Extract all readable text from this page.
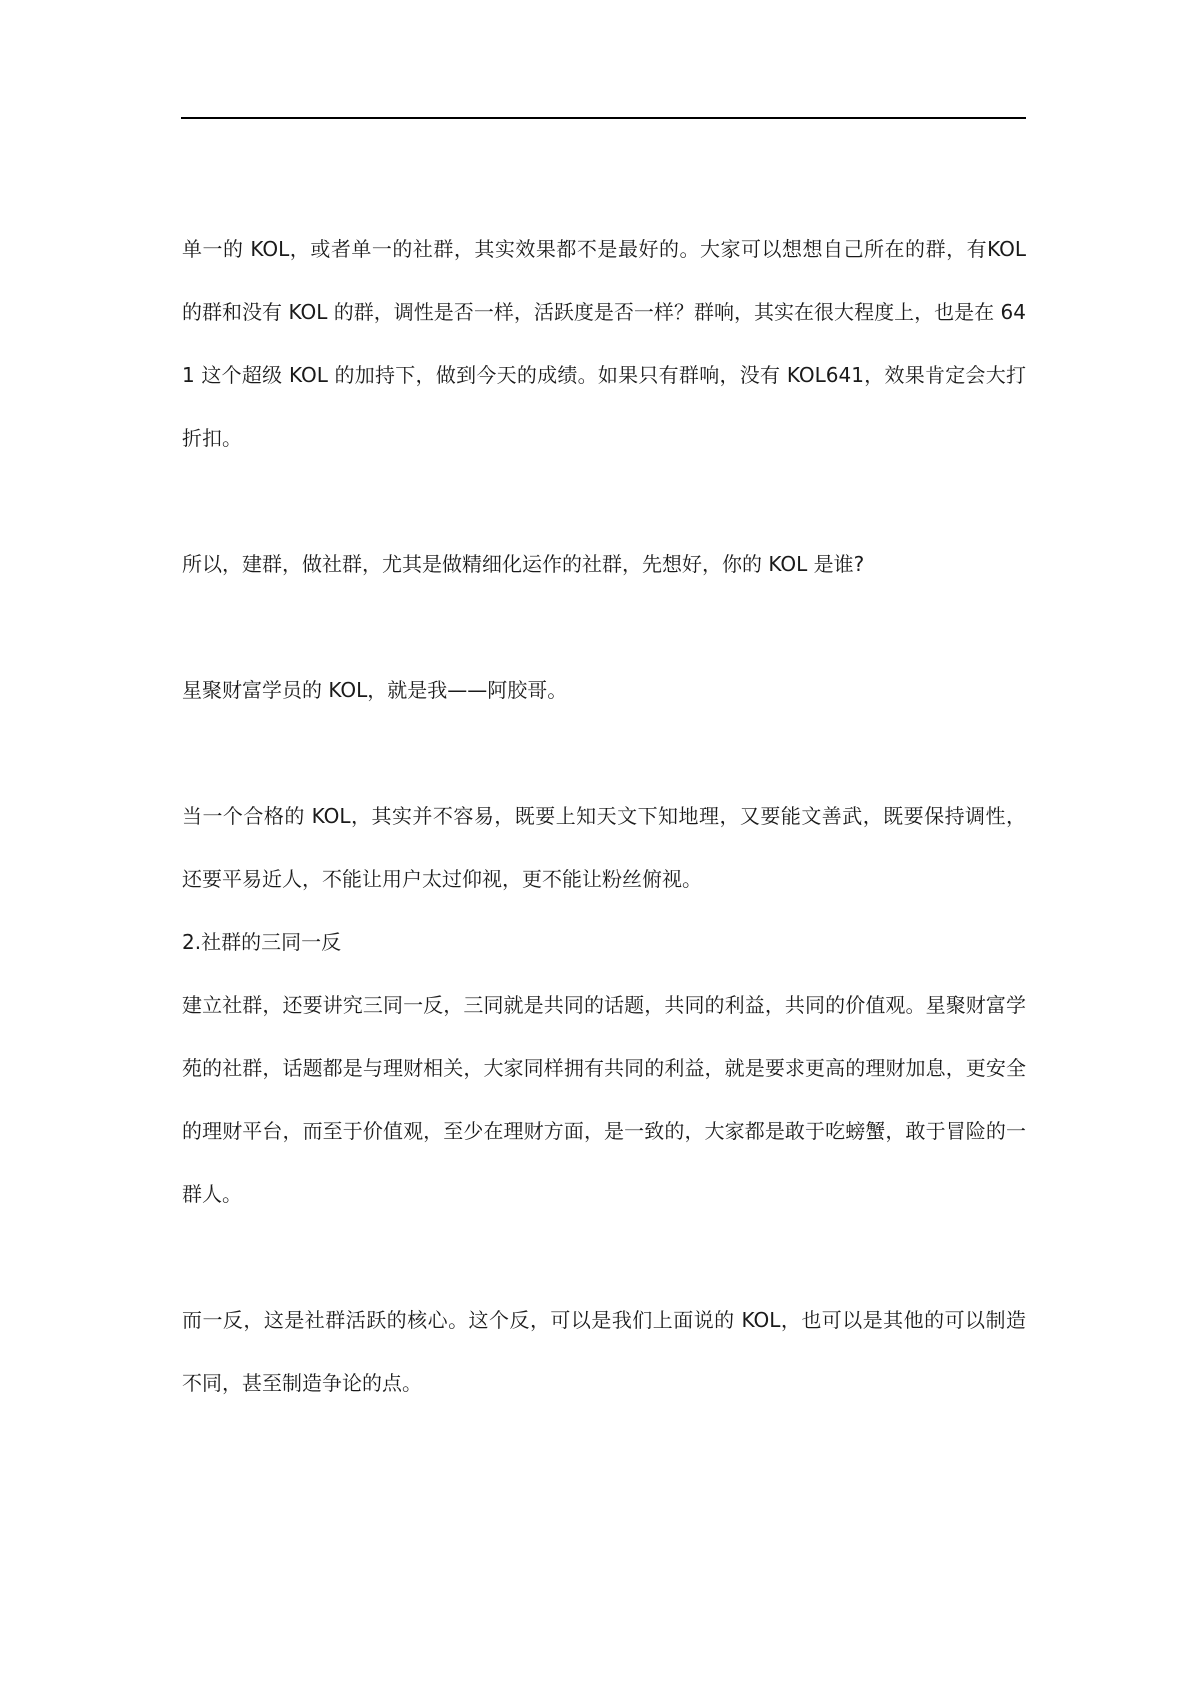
单一的 KOL，或者单一的社群，其实效果都不是最好的。大家可以想想自己所在的群，有KOL 的群和没有 KOL 的群，调性是否一样，活跃度是否一样？群响，其实在很大程度上，也是在 641 这个超级 KOL 的加持下，做到今天的成绩。如果只有群响，没有 KOL641，效果肯定会大打折扣。

所以，建群，做社群，尤其是做精细化运作的社群，先想好，你的 KOL 是谁?

星聚财富学员的 KOL，就是我——阿胶哥。

当一个合格的 KOL，其实并不容易，既要上知天文下知地理，又要能文善武，既要保持调性，还要平易近人，不能让用户太过仰视，更不能让粉丝俯视。

2.社群的三同一反

建立社群，还要讲究三同一反，三同就是共同的话题，共同的利益，共同的价值观。星聚财富学苑的社群，话题都是与理财相关，大家同样拥有共同的利益，就是要求更高的理财加息，更安全的理财平台，而至于价值观，至少在理财方面，是一致的，大家都是敢于吃螃蟹，敢于冒险的一群人。

而一反，这是社群活跃的核心。这个反，可以是我们上面说的 KOL，也可以是其他的可以制造不同，甚至制造争论的点。
